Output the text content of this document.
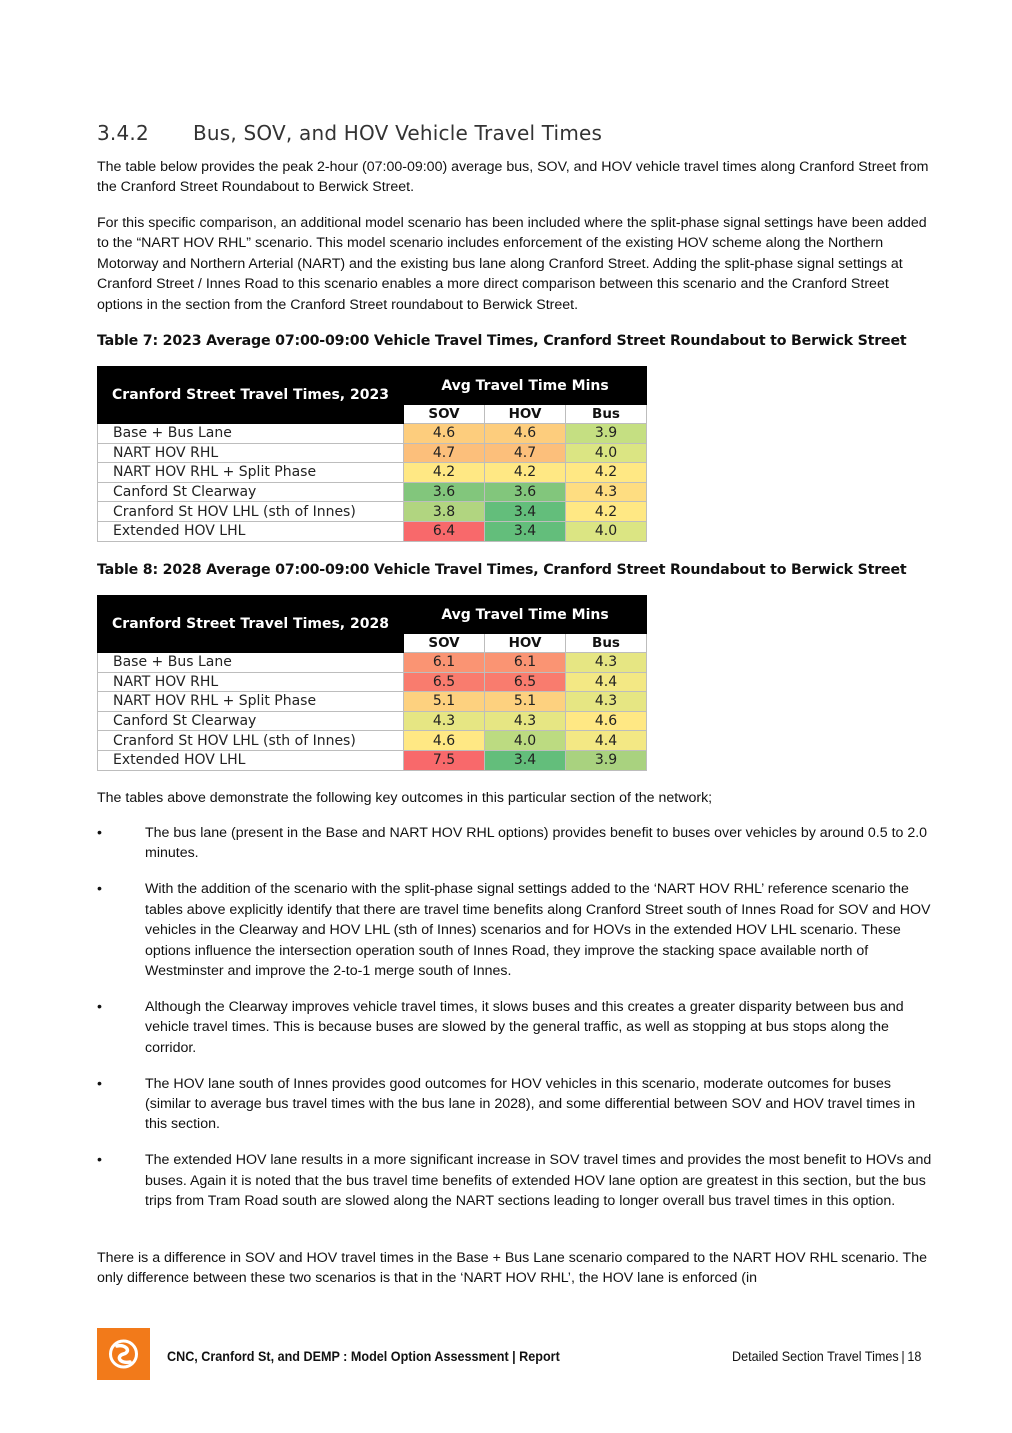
3.4.2 Bus, SOV, and HOV Vehicle Travel Times

The table below provides the peak 2-hour (07:00-09:00) average bus, SOV, and HOV vehicle travel times along Cranford Street from the Cranford Street Roundabout to Berwick Street.

For this specific comparison, an additional model scenario has been included where the split-phase signal settings have been added to the “NART HOV RHL” scenario. This model scenario includes enforcement of the existing HOV scheme along the Northern Motorway and Northern Arterial (NART) and the existing bus lane along Cranford Street. Adding the split-phase signal settings at Cranford Street / Innes Road to this scenario enables a more direct comparison between this scenario and the Cranford Street options in the section from the Cranford Street roundabout to Berwick Street.

Table 7: 2023 Average 07:00-09:00 Vehicle Travel Times, Cranford Street Roundabout to Berwick Street
Cranford Street Travel Times, 2023	Avg Travel Time Mins		
	SOV	HOV	Bus
Base + Bus Lane	4.6	4.6	3.9
NART HOV RHL	4.7	4.7	4.0
NART HOV RHL + Split Phase	4.2	4.2	4.2
Canford St Clearway	3.6	3.6	4.3
Cranford St HOV LHL (sth of Innes)	3.8	3.4	4.2
Extended HOV LHL	6.4	3.4	4.0
Table 8: 2028 Average 07:00-09:00 Vehicle Travel Times, Cranford Street Roundabout to Berwick Street
Cranford Street Travel Times, 2028	Avg Travel Time Mins		
	SOV	HOV	Bus
Base + Bus Lane	6.1	6.1	4.3
NART HOV RHL	6.5	6.5	4.4
NART HOV RHL + Split Phase	5.1	5.1	4.3
Canford St Clearway	4.3	4.3	4.6
Cranford St HOV LHL (sth of Innes)	4.6	4.0	4.4
Extended HOV LHL	7.5	3.4	3.9

The tables above demonstrate the following key outcomes in this particular section of the network;

•	The bus lane (present in the Base and NART HOV RHL options) provides benefit to buses over vehicles by around 0.5 to 2.0 minutes.
•	With the addition of the scenario with the split-phase signal settings added to the ‘NART HOV RHL’ reference scenario the tables above explicitly identify that there are travel time benefits along Cranford Street south of Innes Road for SOV and HOV vehicles in the Clearway and HOV LHL (sth of Innes) scenarios and for HOVs in the extended HOV LHL scenario. These options influence the intersection operation south of Innes Road, they improve the stacking space available north of Westminster and improve the 2-to-1 merge south of Innes.
•	Although the Clearway improves vehicle travel times, it slows buses and this creates a greater disparity between bus and vehicle travel times. This is because buses are slowed by the general traffic, as well as stopping at bus stops along the corridor.
•	The HOV lane south of Innes provides good outcomes for HOV vehicles in this scenario, moderate outcomes for buses (similar to average bus travel times with the bus lane in 2028), and some differential between SOV and HOV travel times in this section.
•	The extended HOV lane results in a more significant increase in SOV travel times and provides the most benefit to HOVs and buses. Again it is noted that the bus travel time benefits of extended HOV lane option are greatest in this section, but the bus trips from Tram Road south are slowed along the NART sections leading to longer overall bus travel times in this option.

There is a difference in SOV and HOV travel times in the Base + Bus Lane scenario compared to the NART HOV RHL scenario. The only difference between these two scenarios is that in the ‘NART HOV RHL’, the HOV lane is enforced (in

CNC, Cranford St, and DEMP : Model Option Assessment | Report	Detailed Section Travel Times | 18
